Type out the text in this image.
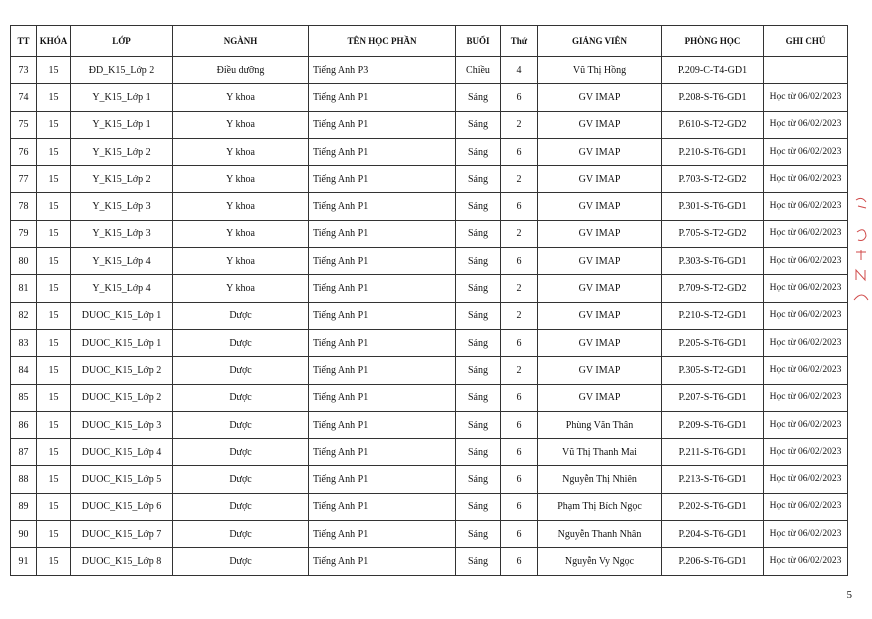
TT	KHÓA	LỚP	NGÀNH	TÊN HỌC PHẦN	BUỔI	Thứ	GIẢNG VIÊN	PHÒNG HỌC	GHI CHÚ
73	15	ĐD_K15_Lớp 2	Điều dưỡng	Tiếng Anh P3	Chiều	4	Vũ Thị Hồng	P.209-C-T4-GD1	
74	15	Y_K15_Lớp 1	Y khoa	Tiếng Anh P1	Sáng	6	GV IMAP	P.208-S-T6-GD1	Học từ 06/02/2023
75	15	Y_K15_Lớp 1	Y khoa	Tiếng Anh P1	Sáng	2	GV IMAP	P.610-S-T2-GD2	Học từ 06/02/2023
76	15	Y_K15_Lớp 2	Y khoa	Tiếng Anh P1	Sáng	6	GV IMAP	P.210-S-T6-GD1	Học từ 06/02/2023
77	15	Y_K15_Lớp 2	Y khoa	Tiếng Anh P1	Sáng	2	GV IMAP	P.703-S-T2-GD2	Học từ 06/02/2023
78	15	Y_K15_Lớp 3	Y khoa	Tiếng Anh P1	Sáng	6	GV IMAP	P.301-S-T6-GD1	Học từ 06/02/2023
79	15	Y_K15_Lớp 3	Y khoa	Tiếng Anh P1	Sáng	2	GV IMAP	P.705-S-T2-GD2	Học từ 06/02/2023
80	15	Y_K15_Lớp 4	Y khoa	Tiếng Anh P1	Sáng	6	GV IMAP	P.303-S-T6-GD1	Học từ 06/02/2023
81	15	Y_K15_Lớp 4	Y khoa	Tiếng Anh P1	Sáng	2	GV IMAP	P.709-S-T2-GD2	Học từ 06/02/2023
82	15	DUOC_K15_Lớp 1	Dược	Tiếng Anh P1	Sáng	2	GV IMAP	P.210-S-T2-GD1	Học từ 06/02/2023
83	15	DUOC_K15_Lớp 1	Dược	Tiếng Anh P1	Sáng	6	GV IMAP	P.205-S-T6-GD1	Học từ 06/02/2023
84	15	DUOC_K15_Lớp 2	Dược	Tiếng Anh P1	Sáng	2	GV IMAP	P.305-S-T2-GD1	Học từ 06/02/2023
85	15	DUOC_K15_Lớp 2	Dược	Tiếng Anh P1	Sáng	6	GV IMAP	P.207-S-T6-GD1	Học từ 06/02/2023
86	15	DUOC_K15_Lớp 3	Dược	Tiếng Anh P1	Sáng	6	Phùng Văn Thân	P.209-S-T6-GD1	Học từ 06/02/2023
87	15	DUOC_K15_Lớp 4	Dược	Tiếng Anh P1	Sáng	6	Vũ Thị Thanh Mai	P.211-S-T6-GD1	Học từ 06/02/2023
88	15	DUOC_K15_Lớp 5	Dược	Tiếng Anh P1	Sáng	6	Nguyễn Thị Nhiên	P.213-S-T6-GD1	Học từ 06/02/2023
89	15	DUOC_K15_Lớp 6	Dược	Tiếng Anh P1	Sáng	6	Phạm Thị Bích Ngọc	P.202-S-T6-GD1	Học từ 06/02/2023
90	15	DUOC_K15_Lớp 7	Dược	Tiếng Anh P1	Sáng	6	Nguyễn Thanh Nhân	P.204-S-T6-GD1	Học từ 06/02/2023
91	15	DUOC_K15_Lớp 8	Dược	Tiếng Anh P1	Sáng	6	Nguyễn Vy Ngọc	P.206-S-T6-GD1	Học từ 06/02/2023
5
